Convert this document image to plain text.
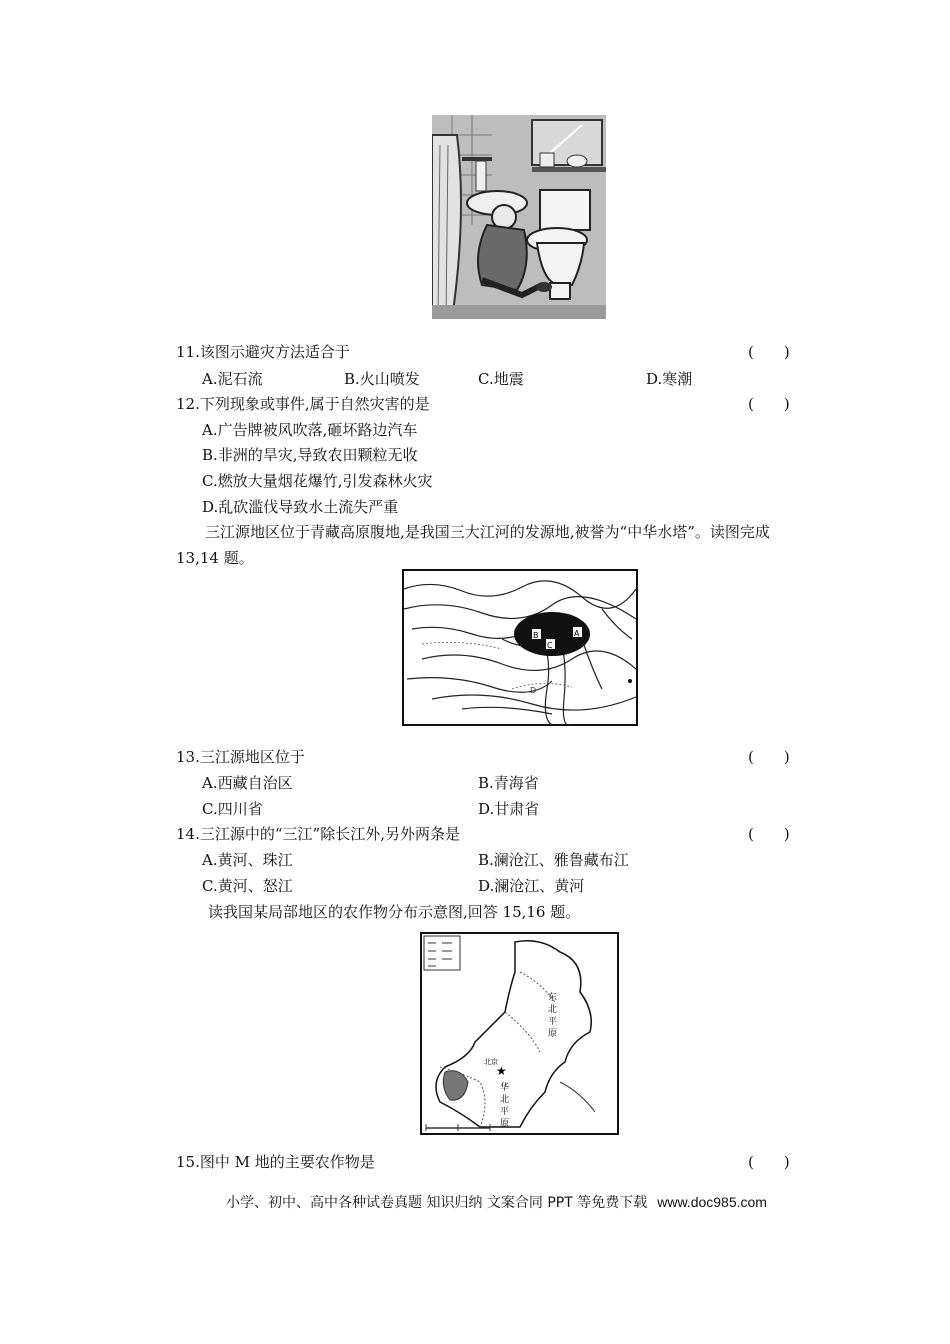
11.该图示避灾方法适合于	(　　)
A.泥石流	B.火山喷发	C.地震	D.寒潮
12.下列现象或事件,属于自然灾害的是	(　　)
A.广告牌被风吹落,砸坏路边汽车
B.非洲的旱灾,导致农田颗粒无收
C.燃放大量烟花爆竹,引发森林火灾
D.乱砍滥伐导致水土流失严重
三江源地区位于青藏高原腹地,是我国三大江河的发源地,被誉为“中华水塔”。读图完成
13,14 题。
B
C
A
D
13.三江源地区位于	(　　)
A.西藏自治区	B.青海省
C.四川省	D.甘肃省
14.三江源中的“三江”除长江外,另外两条是	(　　)
A.黄河、珠江	B.澜沧江、雅鲁藏布江
C.黄河、怒江	D.澜沧江、黄河
读我国某局部地区的农作物分布示意图,回答 15,16 题。
东
北
平
原
北京
★
华
北
平
原
15.图中 M 地的主要农作物是	(　　)
小学、初中、高中各种试卷真题 知识归纳 文案合同 PPT 等免费下载 www.doc985.com
